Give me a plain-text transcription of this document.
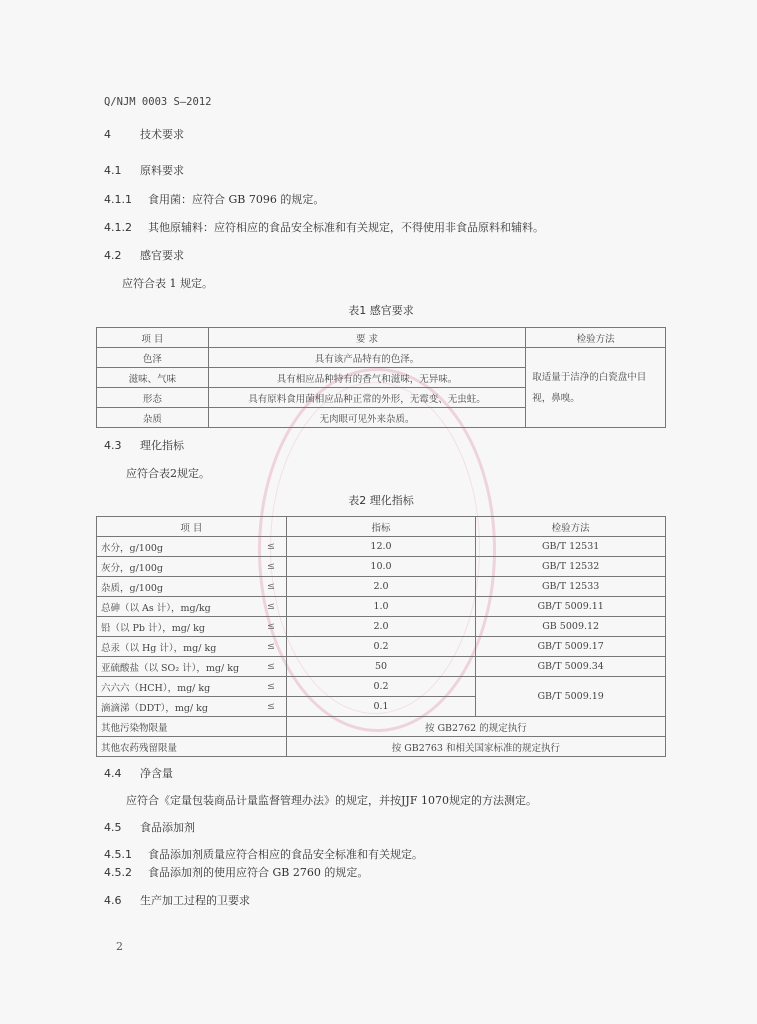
Q/NJM 0003 S—2012
4	技术要求
4.1 原料要求
4.1.1 食用菌：应符合 GB 7096 的规定。
4.1.2 其他原辅料：应符相应的食品安全标准和有关规定，不得使用非食品原料和辅料。
4.2 感官要求
应符合表 1 规定。
表1 感官要求
项 目	要 求	检验方法
色泽	具有该产品特有的色泽。	取适量于洁净的白瓷盘中目视，鼻嗅。
滋味、气味	具有相应品种特有的香气和滋味，无异味。	
形态	具有原料食用菌相应品种正常的外形，无霉变、无虫蛀。	
杂质	无肉眼可见外来杂质。	
4.3 理化指标
应符合表2规定。
表2 理化指标
项 目		指标	检验方法
水分，g/100g	≤	12.0	GB/T 12531
灰分，g/100g	≤	10.0	GB/T 12532
杂质，g/100g	≤	2.0	GB/T 12533
总砷（以 As 计），mg/kg	≤	1.0	GB/T 5009.11
铅（以 Pb 计），mg/ kg	≤	2.0	GB 5009.12
总汞（以 Hg 计），mg/ kg	≤	0.2	GB/T 5009.17
亚硫酸盐（以 SO₂ 计），mg/ kg	≤	50	GB/T 5009.34
六六六（HCH），mg/ kg	≤	0.2	GB/T 5009.19
滴滴涕（DDT），mg/ kg	≤	0.1	
其他污染物限量		按 GB2762 的规定执行	
其他农药残留限量		按 GB2763 和相关国家标准的规定执行	
4.4 净含量
应符合《定量包装商品计量监督管理办法》的规定，并按JJF 1070规定的方法测定。
4.5 食品添加剂
4.5.1 食品添加剂质量应符合相应的食品安全标准和有关规定。
4.5.2 食品添加剂的使用应符合 GB 2760 的规定。
4.6 生产加工过程的卫要求
2
